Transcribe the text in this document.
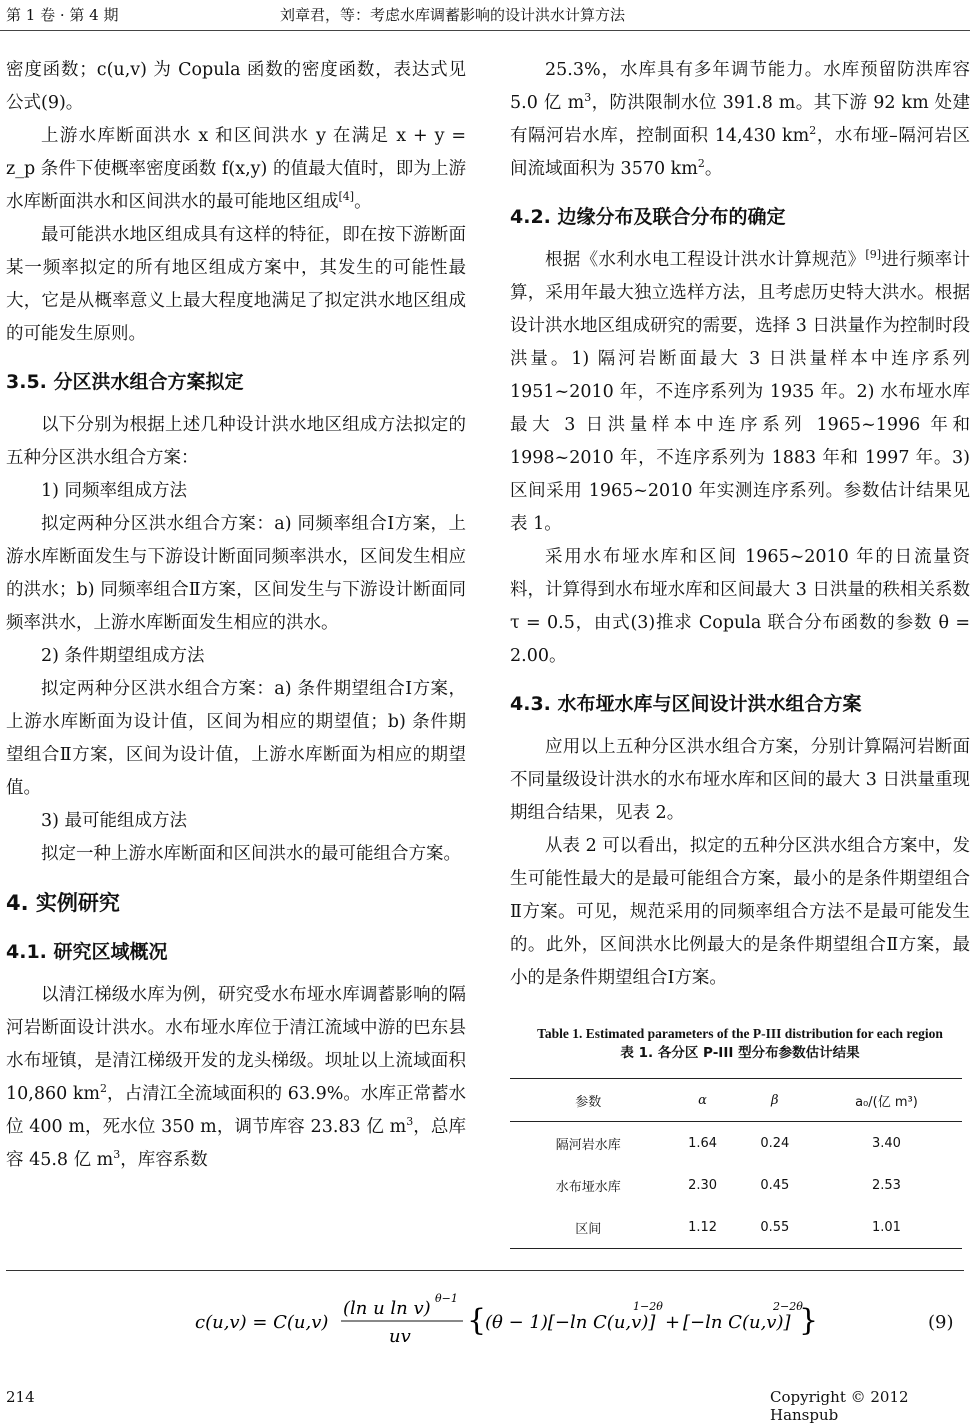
第 1 卷 · 第 4 期	刘章君，等：考虑水库调蓄影响的设计洪水计算方法

密度函数；c(u,v) 为 Copula 函数的密度函数，表达式见公式(9)。

上游水库断面洪水 x 和区间洪水 y 在满足 x + y = z_p 条件下使概率密度函数 f(x,y) 的值最大值时，即为上游水库断面洪水和区间洪水的最可能地区组成[4]。

最可能洪水地区组成具有这样的特征，即在按下游断面某一频率拟定的所有地区组成方案中，其发生的可能性最大，它是从概率意义上最大程度地满足了拟定洪水地区组成的可能发生原则。

3.5. 分区洪水组合方案拟定

以下分别为根据上述几种设计洪水地区组成方法拟定的五种分区洪水组合方案：

1) 同频率组成方法

拟定两种分区洪水组合方案：a) 同频率组合Ⅰ方案，上游水库断面发生与下游设计断面同频率洪水，区间发生相应的洪水；b) 同频率组合Ⅱ方案，区间发生与下游设计断面同频率洪水，上游水库断面发生相应的洪水。

2) 条件期望组成方法

拟定两种分区洪水组合方案：a) 条件期望组合Ⅰ方案，上游水库断面为设计值，区间为相应的期望值；b) 条件期望组合Ⅱ方案，区间为设计值，上游水库断面为相应的期望值。

3) 最可能组成方法

拟定一种上游水库断面和区间洪水的最可能组合方案。

4. 实例研究
4.1. 研究区域概况

以清江梯级水库为例，研究受水布垭水库调蓄影响的隔河岩断面设计洪水。水布垭水库位于清江流域中游的巴东县水布垭镇，是清江梯级开发的龙头梯级。坝址以上流域面积 10,860 $km^2$，占清江全流域面积的 63.9%。水库正常蓄水位 400 m，死水位 350 m，调节库容 23.83 亿 $m^3$，总库容 45.8 亿 $m^3$，库容系数

25.3%，水库具有多年调节能力。水库预留防洪库容 5.0 亿 $m^3$，防洪限制水位 391.8 m。其下游 92 km 处建有隔河岩水库，控制面积 14,430 $km^2$，水布垭–隔河岩区间流域面积为 3570 $km^2$。

4.2. 边缘分布及联合分布的确定

根据《水利水电工程设计洪水计算规范》[9]进行频率计算，采用年最大独立选样方法，且考虑历史特大洪水。根据设计洪水地区组成研究的需要，选择 3 日洪量作为控制时段洪量。1) 隔河岩断面最大 3 日洪量样本中连序系列 1951~2010 年，不连序系列为 1935 年。2) 水布垭水库最大 3 日洪量样本中连序系列 1965~1996 年和 1998~2010 年，不连序系列为 1883 年和 1997 年。3) 区间采用 1965~2010 年实测连序系列。参数估计结果见表 1。

采用水布垭水库和区间 1965~2010 年的日流量资料，计算得到水布垭水库和区间最大 3 日洪量的秩相关系数 τ = 0.5，由式(3)推求 Copula 联合分布函数的参数 θ = 2.00。

4.3. 水布垭水库与区间设计洪水组合方案

应用以上五种分区洪水组合方案，分别计算隔河岩断面不同量级设计洪水的水布垭水库和区间的最大 3 日洪量重现期组合结果，见表 2。

从表 2 可以看出，拟定的五种分区洪水组合方案中，发生可能性最大的是最可能组合方案，最小的是条件期望组合Ⅱ方案。可见，规范采用的同频率组合方法不是最可能发生的。此外，区间洪水比例最大的是条件期望组合Ⅱ方案，最小的是条件期望组合Ⅰ方案。

Table 1. Estimated parameters of the P-III distribution for each region
表 1. 各分区 P-III 型分布参数估计结果
参数	α	β	a₀/(亿 m³)
隔河岩水库	1.64	0.24	3.40
水布垭水库	2.30	0.45	2.53
区间	1.12	0.55	1.01
c(u,v) = C(u,v)
(ln u ln v) θ−1
uv {
(θ − 1)[−ln C(u,v)]
1−2θ
+ [−ln C(u,v)]
2−2θ
}	(9)
214	Copyright © 2012 Hanspub
